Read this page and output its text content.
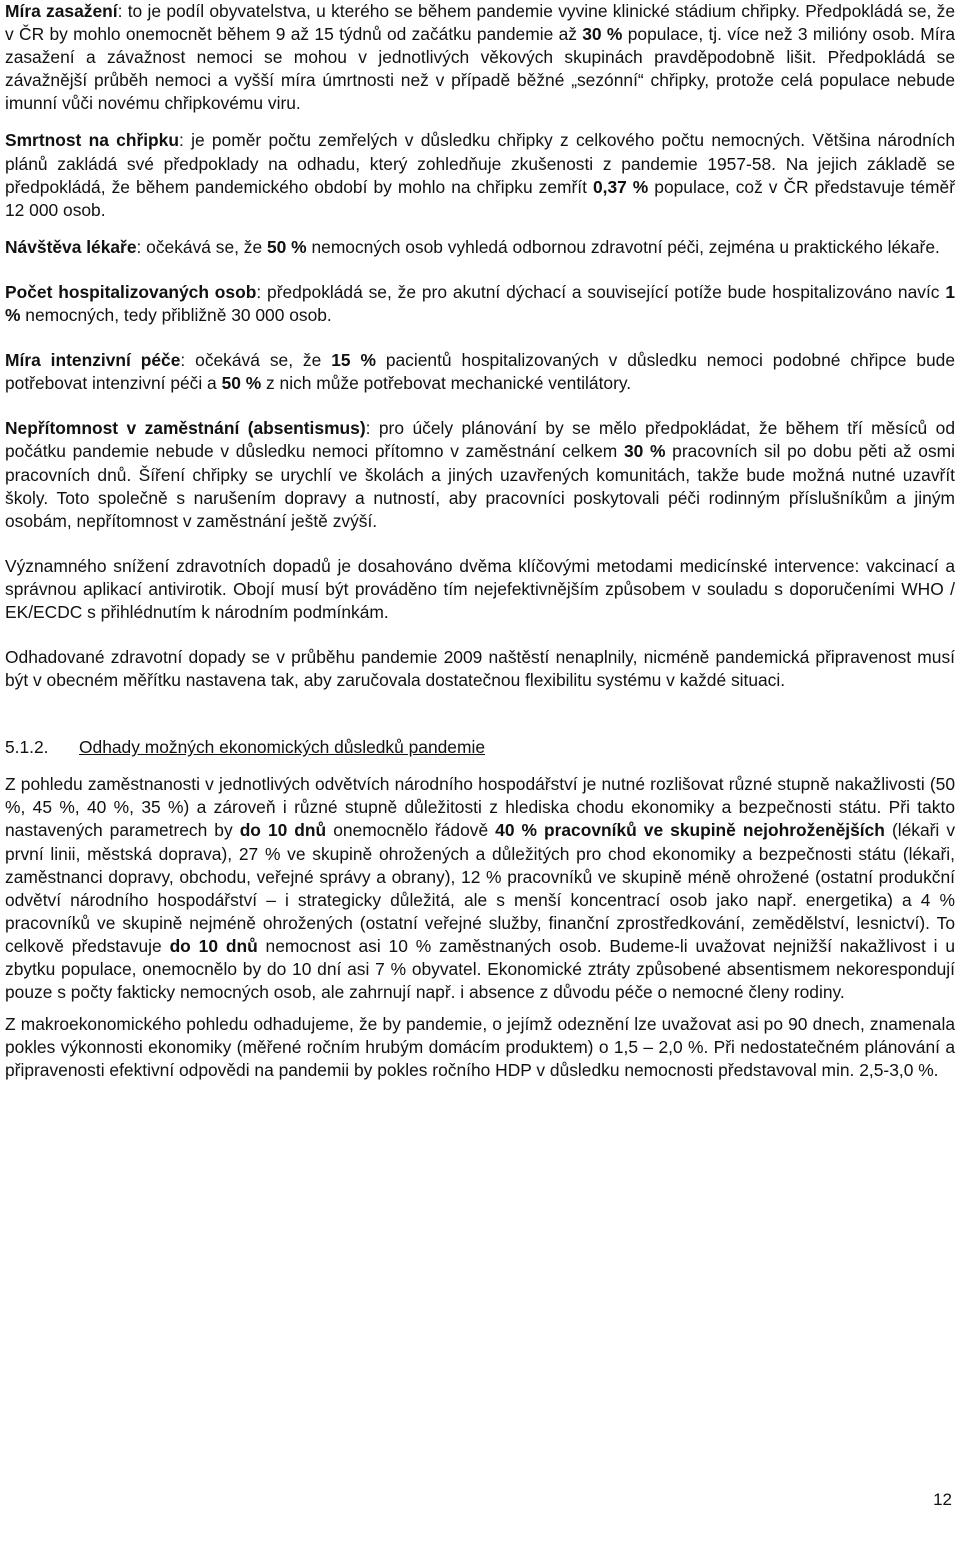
Míra zasažení: to je podíl obyvatelstva, u kterého se během pandemie vyvine klinické stádium chřipky. Předpokládá se, že v ČR by mohlo onemocnět během 9 až 15 týdnů od začátku pandemie až 30 % populace, tj. více než 3 milióny osob. Míra zasažení a závažnost nemoci se mohou v jednotlivých věkových skupinách pravděpodobně lišit. Předpokládá se závažnější průběh nemoci a vyšší míra úmrtnosti než v případě běžné „sezónní“ chřipky, protože celá populace nebude imunní vůči novému chřipkovému viru.

Smrtnost na chřipku: je poměr počtu zemřelých v důsledku chřipky z celkového počtu nemocných. Většina národních plánů zakládá své předpoklady na odhadu, který zohledňuje zkušenosti z pandemie 1957-58. Na jejich základě se předpokládá, že během pandemického období by mohlo na chřipku zemřít 0,37 % populace, což v ČR představuje téměř 12 000 osob.

Návštěva lékaře: očekává se, že 50 % nemocných osob vyhledá odbornou zdravotní péči, zejména u praktického lékaře.

Počet hospitalizovaných osob: předpokládá se, že pro akutní dýchací a související potíže bude hospitalizováno navíc 1 % nemocných, tedy přibližně 30 000 osob.

Míra intenzivní péče: očekává se, že 15 % pacientů hospitalizovaných v důsledku nemoci podobné chřipce bude potřebovat intenzivní péči a 50 % z nich může potřebovat mechanické ventilátory.

Nepřítomnost v zaměstnání (absentismus): pro účely plánování by se mělo předpokládat, že během tří měsíců od počátku pandemie nebude v důsledku nemoci přítomno v zaměstnání celkem 30 % pracovních sil po dobu pěti až osmi pracovních dnů. Šíření chřipky se urychlí ve školách a jiných uzavřených komunitách, takže bude možná nutné uzavřít školy. Toto společně s narušením dopravy a nutností, aby pracovníci poskytovali péči rodinným příslušníkům a jiným osobám, nepřítomnost v zaměstnání ještě zvýší.

Významného snížení zdravotních dopadů je dosahováno dvěma klíčovými metodami medicínské intervence: vakcinací a správnou aplikací antivirotik. Obojí musí být prováděno tím nejefektivnějším způsobem v souladu s doporučeními WHO / EK/ECDC s přihlédnutím k národním podmínkám.

Odhadované zdravotní dopady se v průběhu pandemie 2009 naštěstí nenaplnily, nicméně pandemická připravenost musí být v obecném měřítku nastavena tak, aby zaručovala dostatečnou flexibilitu systému v každé situaci.

5.1.2.	Odhady možných ekonomických důsledků pandemie

Z pohledu zaměstnanosti v jednotlivých odvětvích národního hospodářství je nutné rozlišovat různé stupně nakažlivosti (50 %, 45 %, 40 %, 35 %) a zároveň i různé stupně důležitosti z hlediska chodu ekonomiky a bezpečnosti státu. Při takto nastavených parametrech by do 10 dnů onemocnělo řádově 40 % pracovníků ve skupině nejohroženějších (lékaři v první linii, městská doprava), 27 % ve skupině ohrožených a důležitých pro chod ekonomiky a bezpečnosti státu (lékaři, zaměstnanci dopravy, obchodu, veřejné správy a obrany), 12 % pracovníků ve skupině méně ohrožené (ostatní produkční odvětví národního hospodářství – i strategicky důležitá, ale s menší koncentrací osob jako např. energetika) a 4 % pracovníků ve skupině nejméně ohrožených (ostatní veřejné služby, finanční zprostředkování, zemědělství, lesnictví). To celkově představuje do 10 dnů nemocnost asi 10 % zaměstnaných osob. Budeme-li uvažovat nejnižší nakažlivost i u zbytku populace, onemocnělo by do 10 dní asi 7 % obyvatel. Ekonomické ztráty způsobené absentismem nekorespondují pouze s počty fakticky nemocných osob, ale zahrnují např. i absence z důvodu péče o nemocné členy rodiny.

Z makroekonomického pohledu odhadujeme, že by pandemie, o jejímž odeznění lze uvažovat asi po 90 dnech, znamenala pokles výkonnosti ekonomiky (měřené ročním hrubým domácím produktem) o 1,5 – 2,0 %. Při nedostatečném plánování a připravenosti efektivní odpovědi na pandemii by pokles ročního HDP v důsledku nemocnosti představoval min. 2,5-3,0 %.

12
